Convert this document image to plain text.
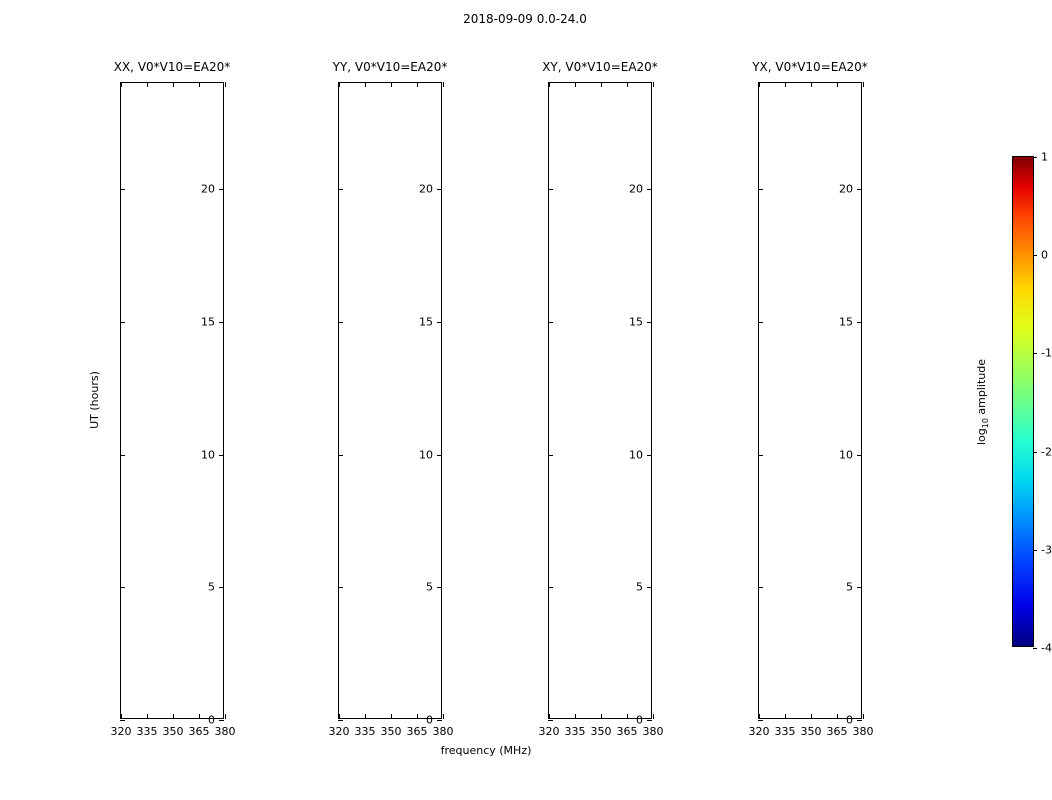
2018-09-09 0.0-24.0
XX, V0*V10=EA20*
0
5
10
15
20
320 335 350 365 380
YY, V0*V10=EA20*
0
5
10
15
20
320 335 350 365 380
XY, V0*V10=EA20*
0
5
10
15
20
320 335 350 365 380
YX, V0*V10=EA20*
0
5
10
15
20
320 335 350 365 380
UT (hours)
frequency (MHz)
-4
-3
-2
-1
0
1
$\log_{10}$ amplitude
